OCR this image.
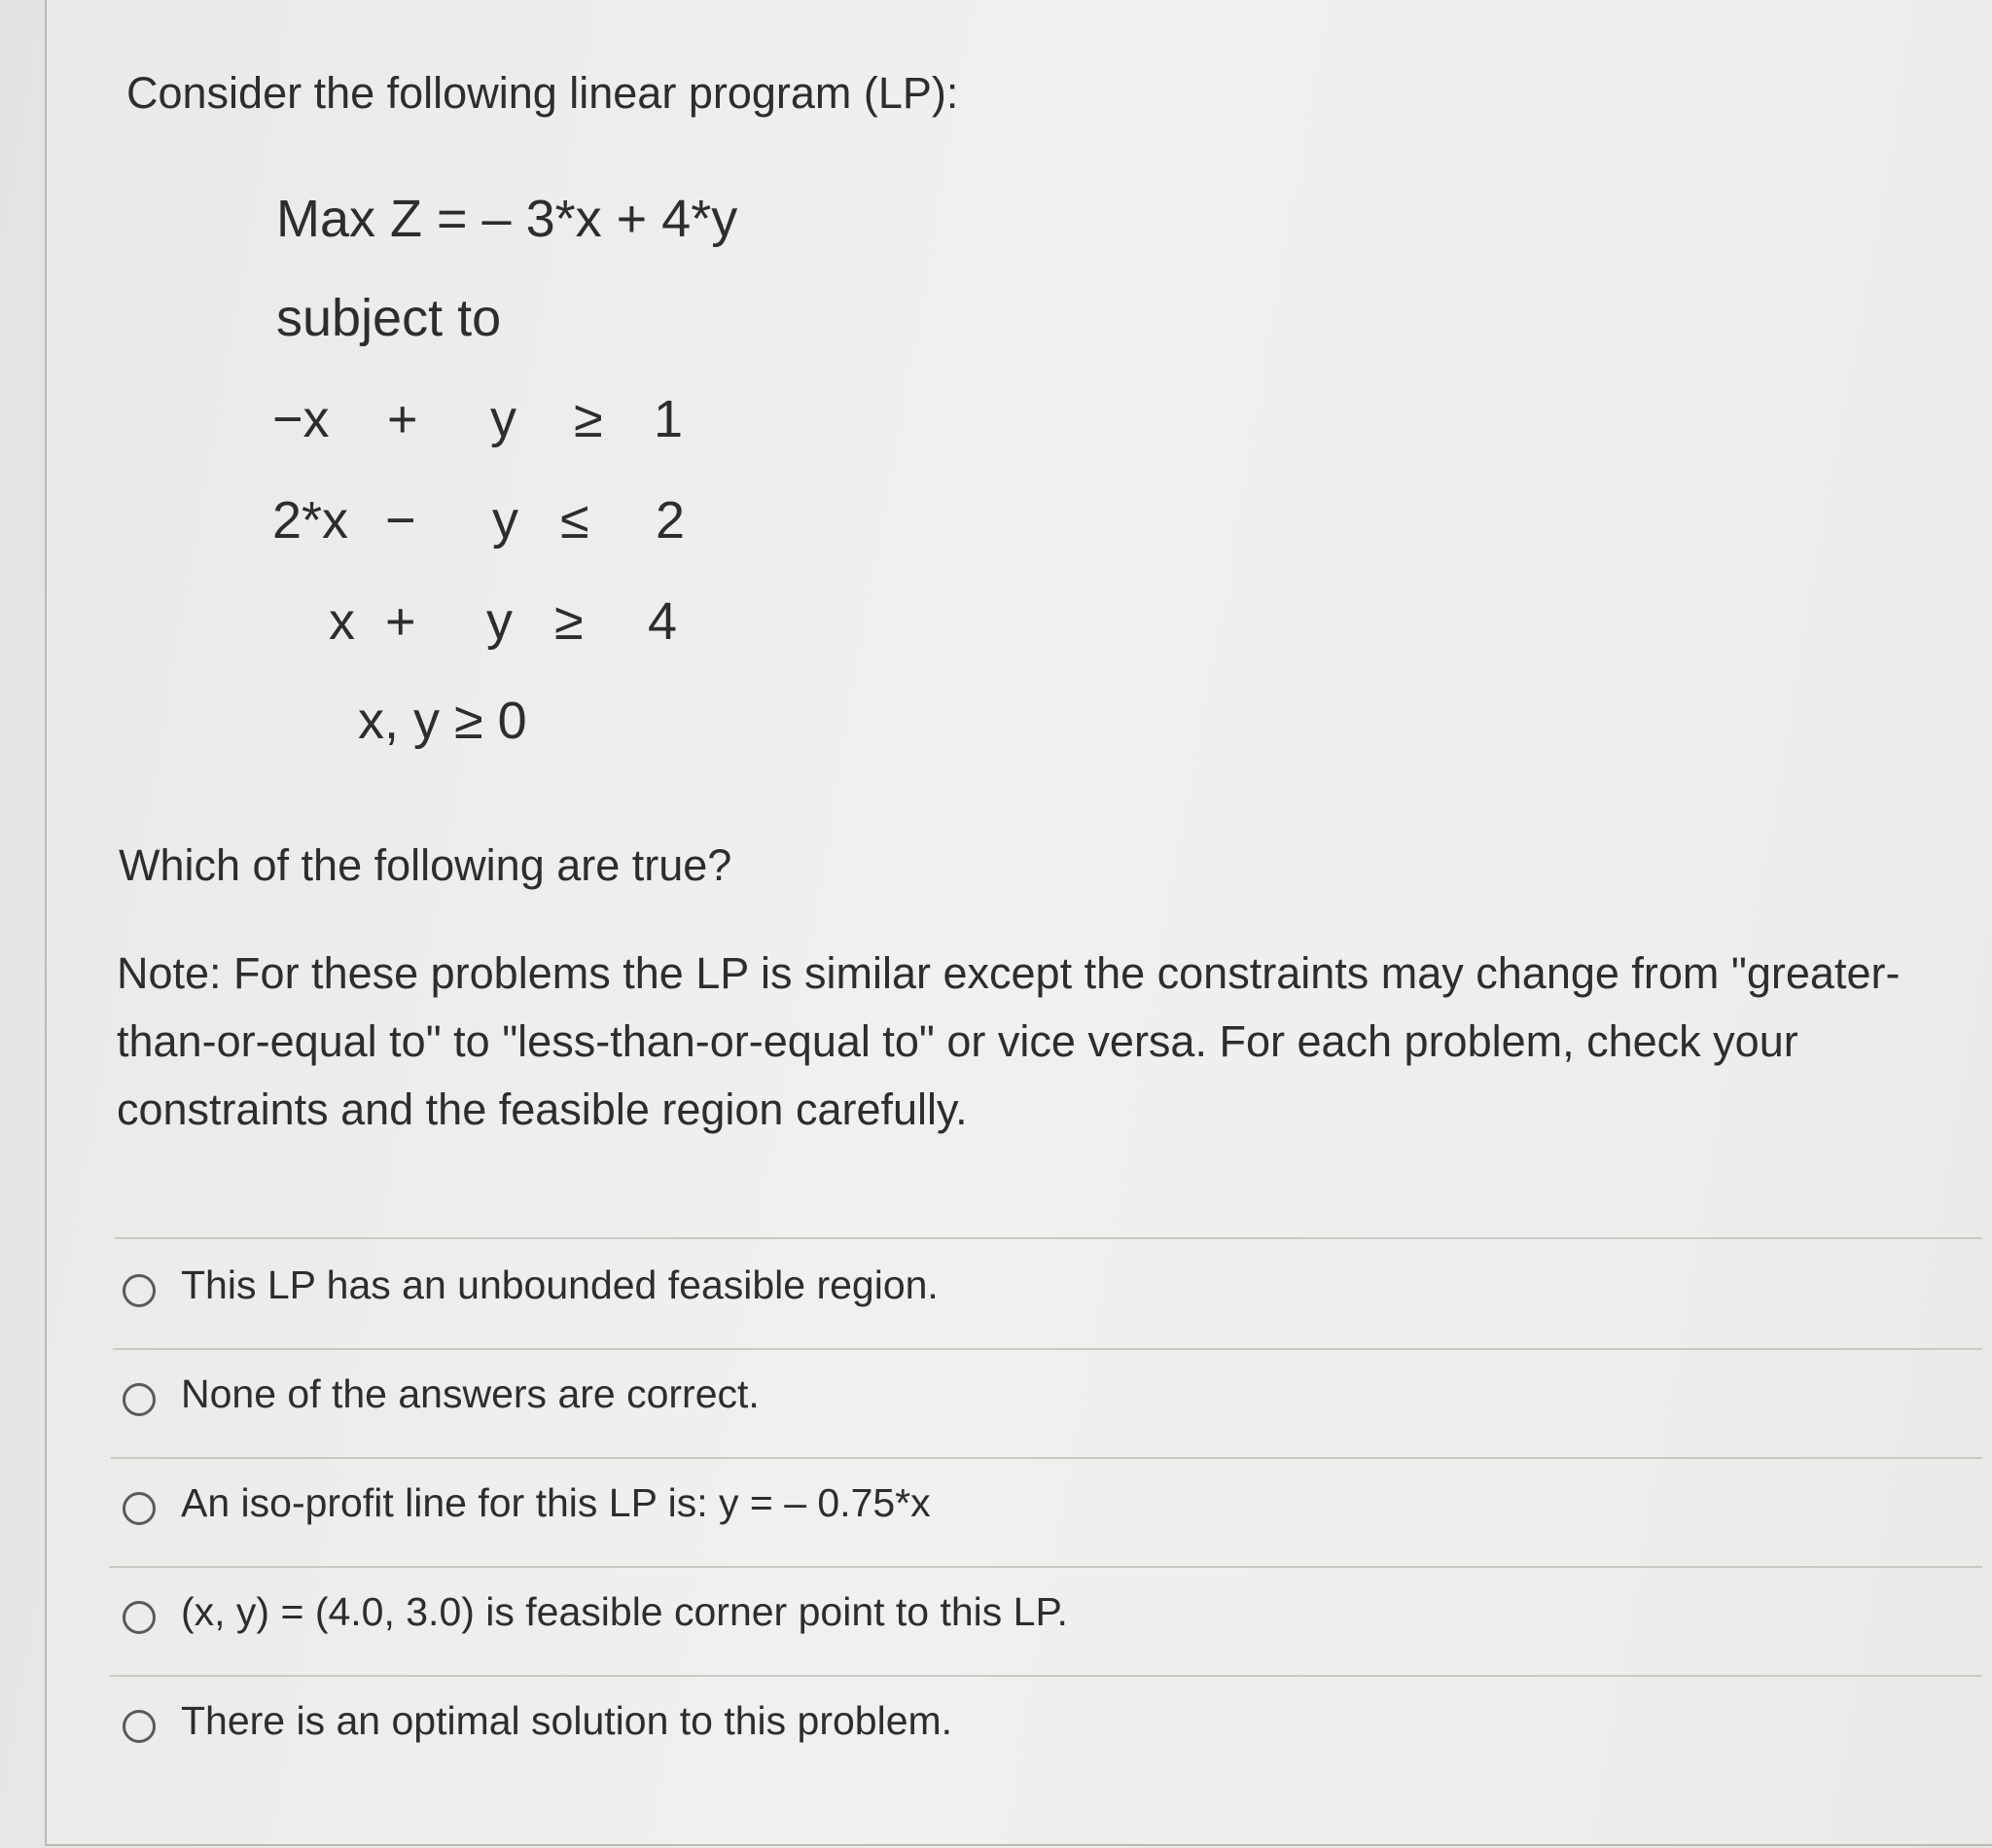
Consider the following linear program (LP):
Max Z = – 3*x + 4*y
subject to
−x + y ≥ 1
2*x − y ≤ 2
x + y ≥ 4
x, y ≥ 0
Which of the following are true?
Note: For these problems the LP is similar except the constraints may change from "greater-
than-or-equal to" to "less-than-or-equal to" or vice versa. For each problem, check your
constraints and the feasible region carefully.
This LP has an unbounded feasible region.
None of the answers are correct.
An iso-profit line for this LP is: y = – 0.75*x
(x, y) = (4.0, 3.0) is feasible corner point to this LP.
There is an optimal solution to this problem.
